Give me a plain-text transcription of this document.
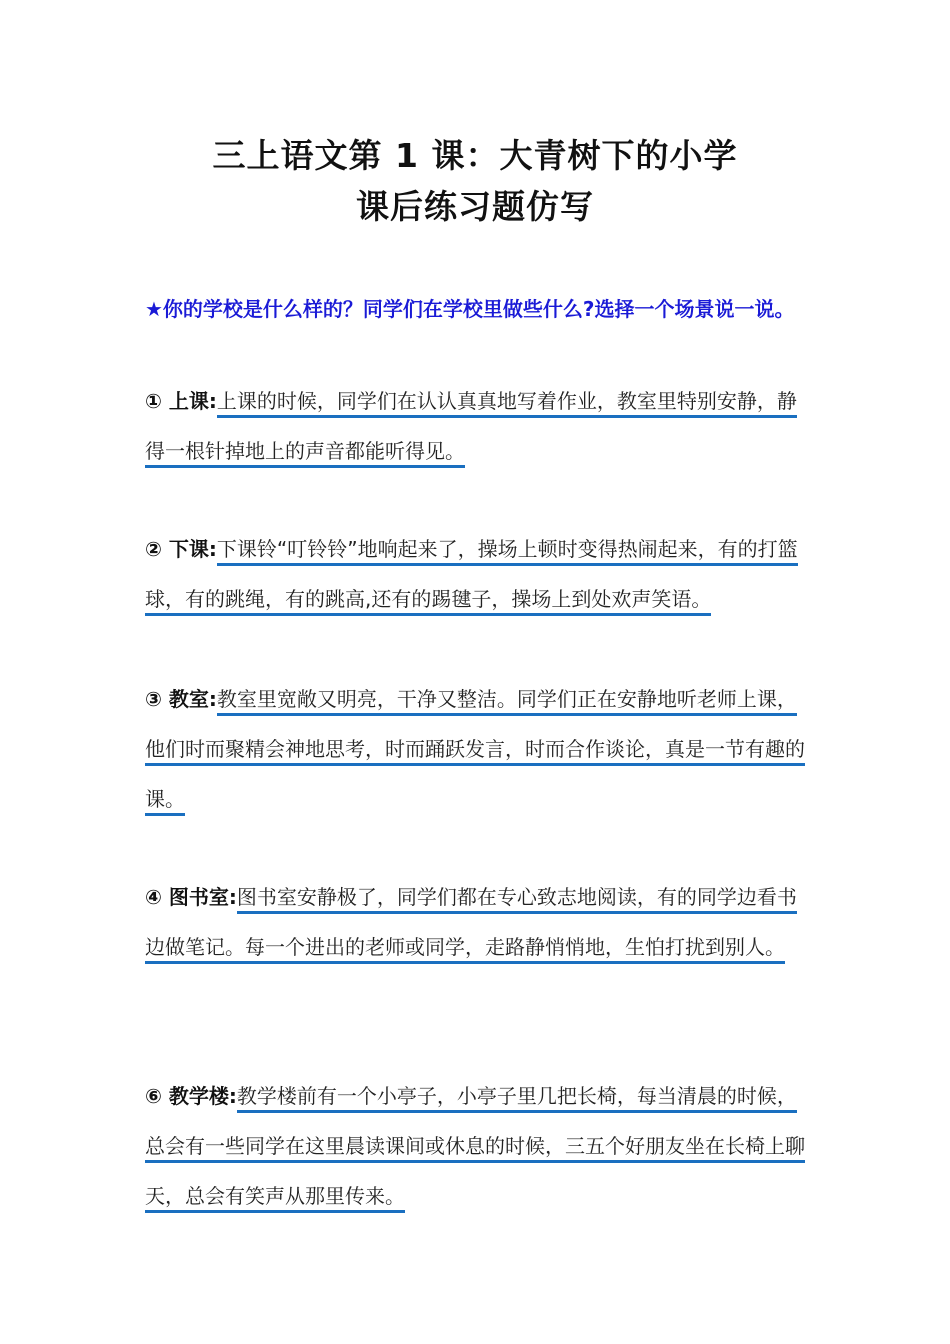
三上语文第 1 课：大青树下的小学
课后练习题仿写
★你的学校是什么样的？同学们在学校里做些什么?选择一个场景说一说。
① 上课:上课的时候，同学们在认认真真地写着作业，教室里特别安静，静得一根针掉地上的声音都能听得见。
② 下课:下课铃“叮铃铃”地响起来了，操场上顿时变得热闹起来，有的打篮球，有的跳绳，有的跳高,还有的踢毽子，操场上到处欢声笑语。
③ 教室:教室里宽敞又明亮，干净又整洁。同学们正在安静地听老师上课，他们时而聚精会神地思考，时而踊跃发言，时而合作谈论，真是一节有趣的课。
④ 图书室:图书室安静极了，同学们都在专心致志地阅读，有的同学边看书边做笔记。每一个进出的老师或同学，走路静悄悄地，生怕打扰到别人。
⑥ 教学楼:教学楼前有一个小亭子，小亭子里几把长椅，每当清晨的时候，总会有一些同学在这里晨读课间或休息的时候，三五个好朋友坐在长椅上聊天，总会有笑声从那里传来。
